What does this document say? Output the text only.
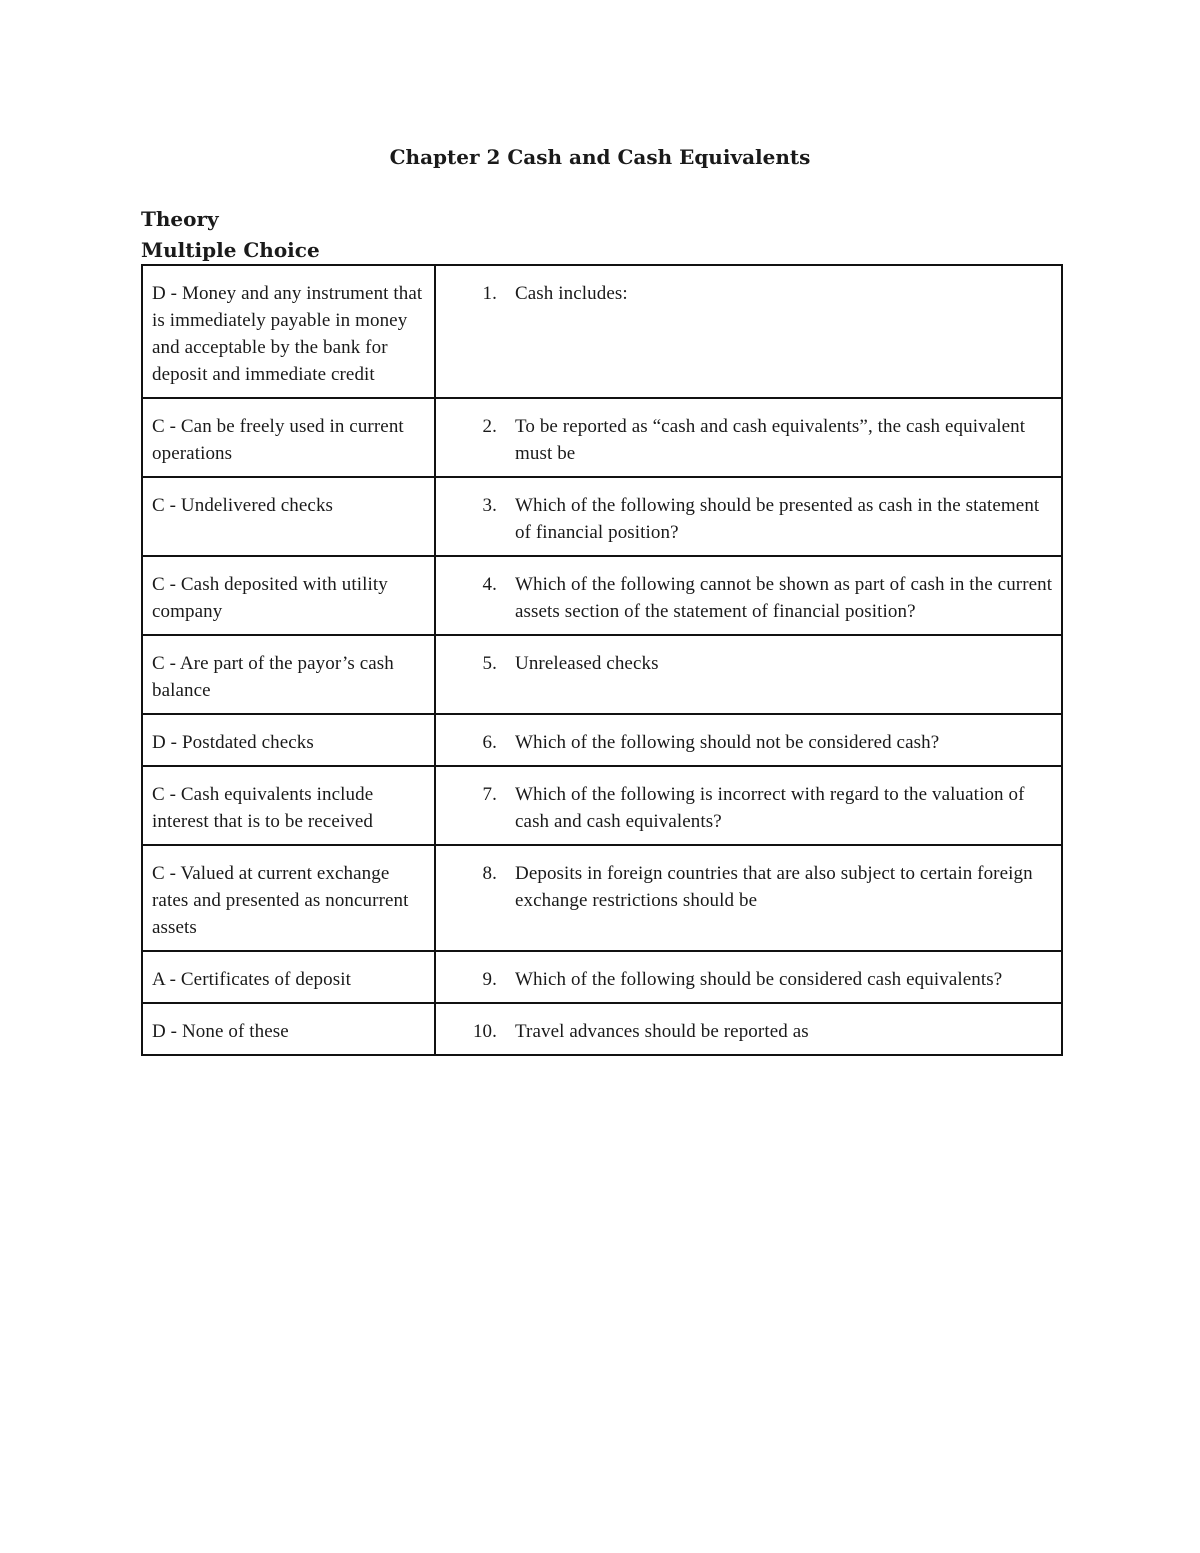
Chapter 2 Cash and Cash Equivalents
Theory
Multiple Choice
D - Money and any instrument that is immediately payable in money and acceptable by the bank for deposit and immediate credit	1. Cash includes:

C - Can be freely used in current operations	2. To be reported as “cash and cash equivalents”, the cash equivalent must be

C - Undelivered checks	3. Which of the following should be presented as cash in the statement of financial position?

C - Cash deposited with utility company	4. Which of the following cannot be shown as part of cash in the current assets section of the statement of financial position?

C - Are part of the payor’s cash balance	5. Unreleased checks

D - Postdated checks	6. Which of the following should not be considered cash?

C - Cash equivalents include interest that is to be received	7. Which of the following is incorrect with regard to the valuation of cash and cash equivalents?

C - Valued at current exchange rates and presented as noncurrent assets	8. Deposits in foreign countries that are also subject to certain foreign exchange restrictions should be

A - Certificates of deposit	9. Which of the following should be considered cash equivalents?

D - None of these	10. Travel advances should be reported as
